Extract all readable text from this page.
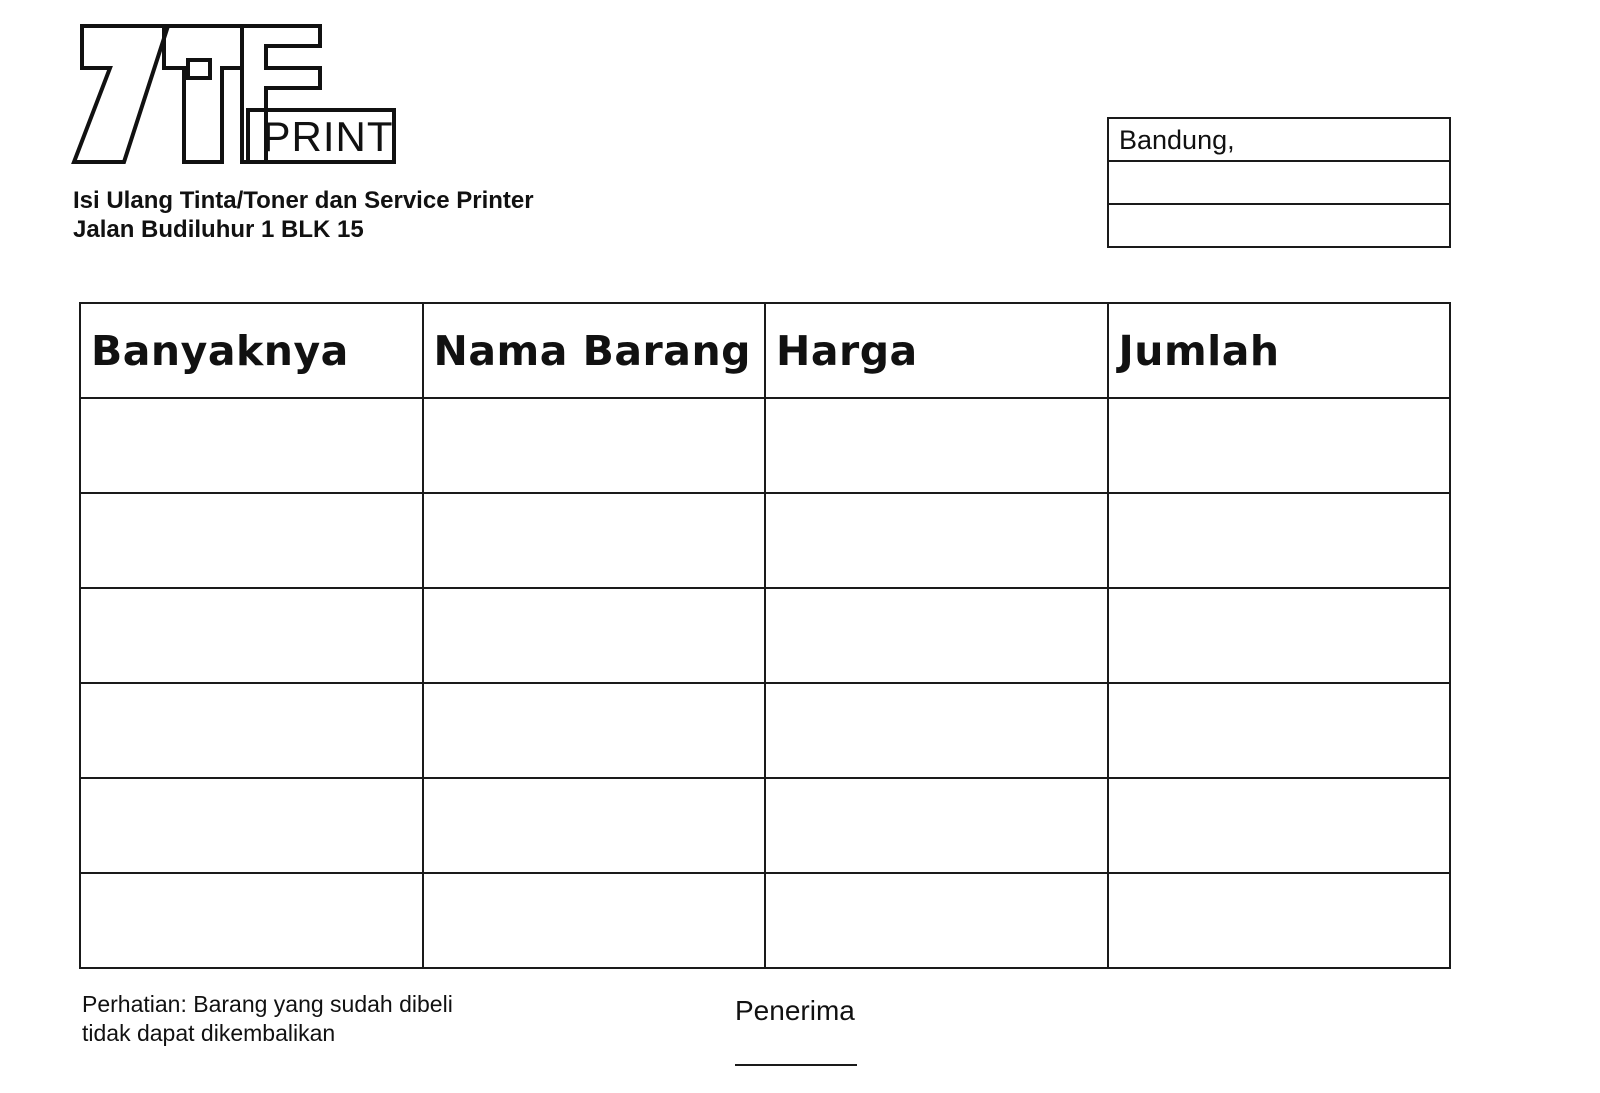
PRINT
Isi Ulang Tinta/Toner dan Service Printer
Jalan Budiluhur 1 BLK 15
Bandung,
Banyaknya	Nama Barang	Harga	Jumlah

Perhatian: Barang yang sudah dibeli
tidak dapat dikembalikan
Penerima
